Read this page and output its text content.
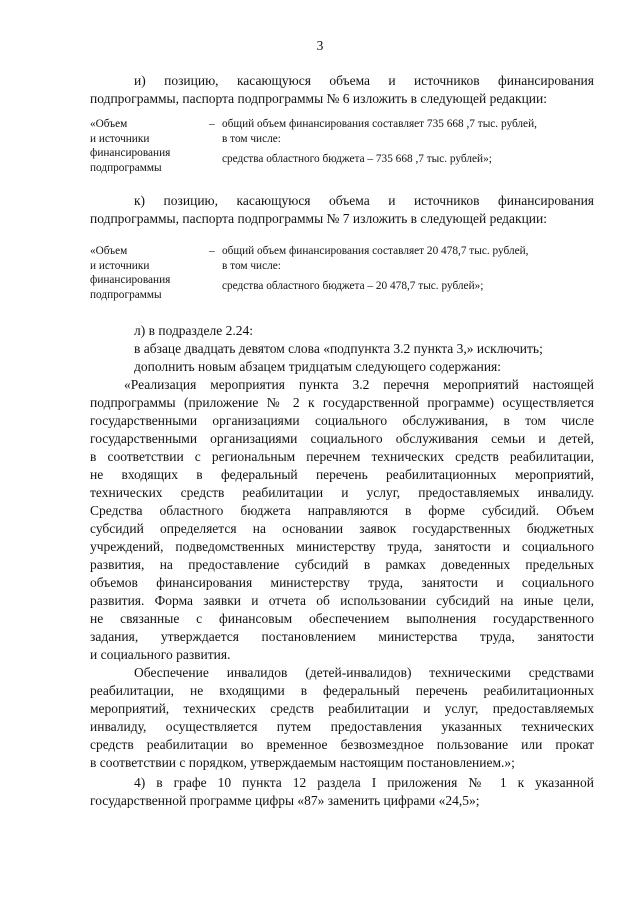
3
и) позицию, касающуюся объема и источников финансирования
подпрограммы, паспорта подпрограммы № 6 изложить в следующей редакции:
«Объем
и источники
финансирования
подпрограммы
– общий объем финансирования составляет 735 668 ,7 тыс. рублей,
в том числе:
средства областного бюджета – 735 668 ,7 тыс. рублей»;
к) позицию, касающуюся объема и источников финансирования
подпрограммы, паспорта подпрограммы № 7 изложить в следующей редакции:
«Объем
и источники
финансирования
подпрограммы
– общий объем финансирования составляет 20 478,7 тыс. рублей,
в том числе:
средства областного бюджета – 20 478,7 тыс. рублей»;
л) в подразделе 2.24:
в абзаце двадцать девятом слова «подпункта 3.2 пункта 3,» исключить;
дополнить новым абзацем тридцатым следующего содержания:
«Реализация мероприятия пункта 3.2 перечня мероприятий настоящей
подпрограммы (приложение № 2 к государственной программе) осуществляется
государственными организациями социального обслуживания, в том числе
государственными организациями социального обслуживания семьи и детей,
в соответствии с региональным перечнем технических средств реабилитации,
не входящих в федеральный перечень реабилитационных мероприятий,
технических средств реабилитации и услуг, предоставляемых инвалиду.
Средства областного бюджета направляются в форме субсидий. Объем
субсидий определяется на основании заявок государственных бюджетных
учреждений, подведомственных министерству труда, занятости и социального
развития, на предоставление субсидий в рамках доведенных предельных
объемов финансирования министерству труда, занятости и социального
развития. Форма заявки и отчета об использовании субсидий на иные цели,
не связанные с финансовым обеспечением выполнения государственного
задания, утверждается постановлением министерства труда, занятости
и социального развития.
Обеспечение инвалидов (детей-инвалидов) техническими средствами
реабилитации, не входящими в федеральный перечень реабилитационных
мероприятий, технических средств реабилитации и услуг, предоставляемых
инвалиду, осуществляется путем предоставления указанных технических
средств реабилитации во временное безвозмездное пользование или прокат
в соответствии с порядком, утверждаемым настоящим постановлением.»;
4) в графе 10 пункта 12 раздела I приложения № 1 к указанной
государственной программе цифры «87» заменить цифрами «24,5»;
